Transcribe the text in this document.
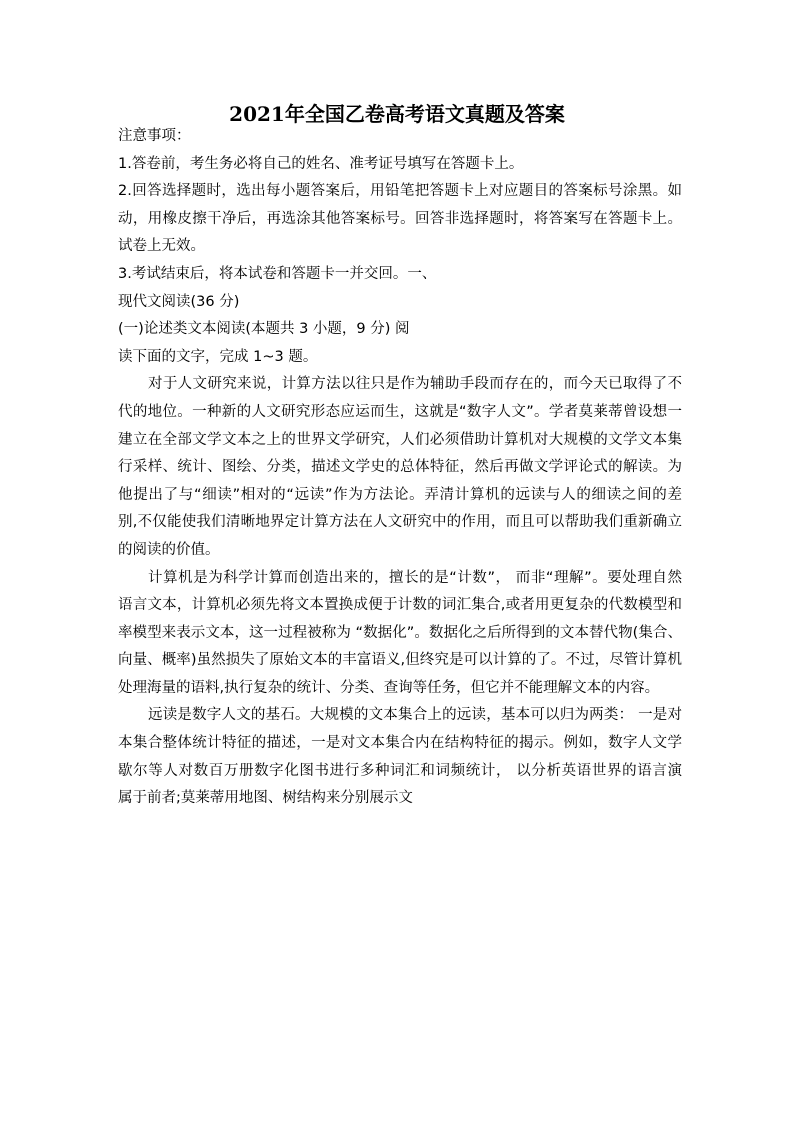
2021年全国乙卷高考语文真题及答案
注意事项：
1.答卷前，考生务必将自己的姓名、准考证号填写在答题卡上。
2.回答选择题时，选出每小题答案后，用铅笔把答题卡上对应题目的答案标号涂黑。如
动，用橡皮擦干净后，再选涂其他答案标号。回答非选择题时，将答案写在答题卡上。
试卷上无效。
3.考试结束后，将本试卷和答题卡一并交回。一、
现代文阅读(36 分)
(一)论述类文本阅读(本题共 3 小题，9 分) 阅
读下面的文字，完成 1~3 题。
对于人文研究来说，计算方法以往只是作为辅助手段而存在的，而今天已取得了不
代的地位。一种新的人文研究形态应运而生，这就是“数字人文”。学者莫莱蒂曾设想一
建立在全部文学文本之上的世界文学研究，人们必须借助计算机对大规模的文学文本集
行采样、统计、图绘、分类，描述文学史的总体特征，然后再做文学评论式的解读。为
他提出了与“细读”相对的“远读”作为方法论。弄清计算机的远读与人的细读之间的差
别,不仅能使我们清晰地界定计算方法在人文研究中的作用，而且可以帮助我们重新确立
的阅读的价值。
计算机是为科学计算而创造出来的，擅长的是“计数”， 而非“理解”。要处理自然
语言文本，计算机必须先将文本置换成便于计数的词汇集合,或者用更复杂的代数模型和
率模型来表示文本，这一过程被称为 “数据化”。数据化之后所得到的文本替代物(集合、
向量、概率)虽然损失了原始文本的丰富语义,但终究是可以计算的了。不过，尽管计算机
处理海量的语料,执行复杂的统计、分类、查询等任务，但它并不能理解文本的内容。
远读是数字人文的基石。大规模的文本集合上的远读，基本可以归为两类： 一是对
本集合整体统计特征的描述，一是对文本集合内在结构特征的揭示。例如，数字人文学
歇尔等人对数百万册数字化图书进行多种词汇和词频统计， 以分析英语世界的语言演
属于前者;莫莱蒂用地图、树结构来分别展示文
